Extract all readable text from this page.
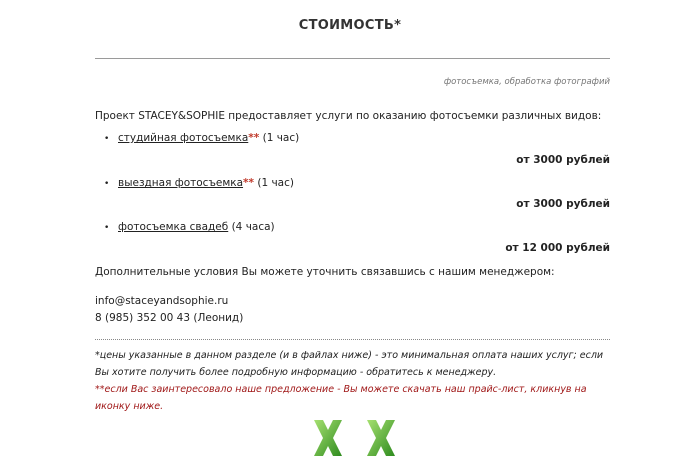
СТОИМОСТЬ*
фотосъемка, обработка фотографий
Проект STACEY&SOPHIE предоставляет услуги по оказанию фотосъемки различных видов:
• студийная фотосъемка** (1 час)
от 3000 рублей
• выездная фотосъемка** (1 час)
от 3000 рублей
• фотосъемка свадеб (4 часа)
от 12 000 рублей
Дополнительные условия Вы можете уточнить связавшись с нашим менеджером:
info@staceyandsophie.ru
8 (985) 352 00 43 (Леонид)
*цены указанные в данном разделе (и в файлах ниже) - это минимальная оплата наших услуг; если Вы хотите получить более подробную информацию - обратитесь к менеджеру.
**если Вас заинтересовало наше предложение - Вы можете скачать наш прайс-лист, кликнув на иконку ниже.
